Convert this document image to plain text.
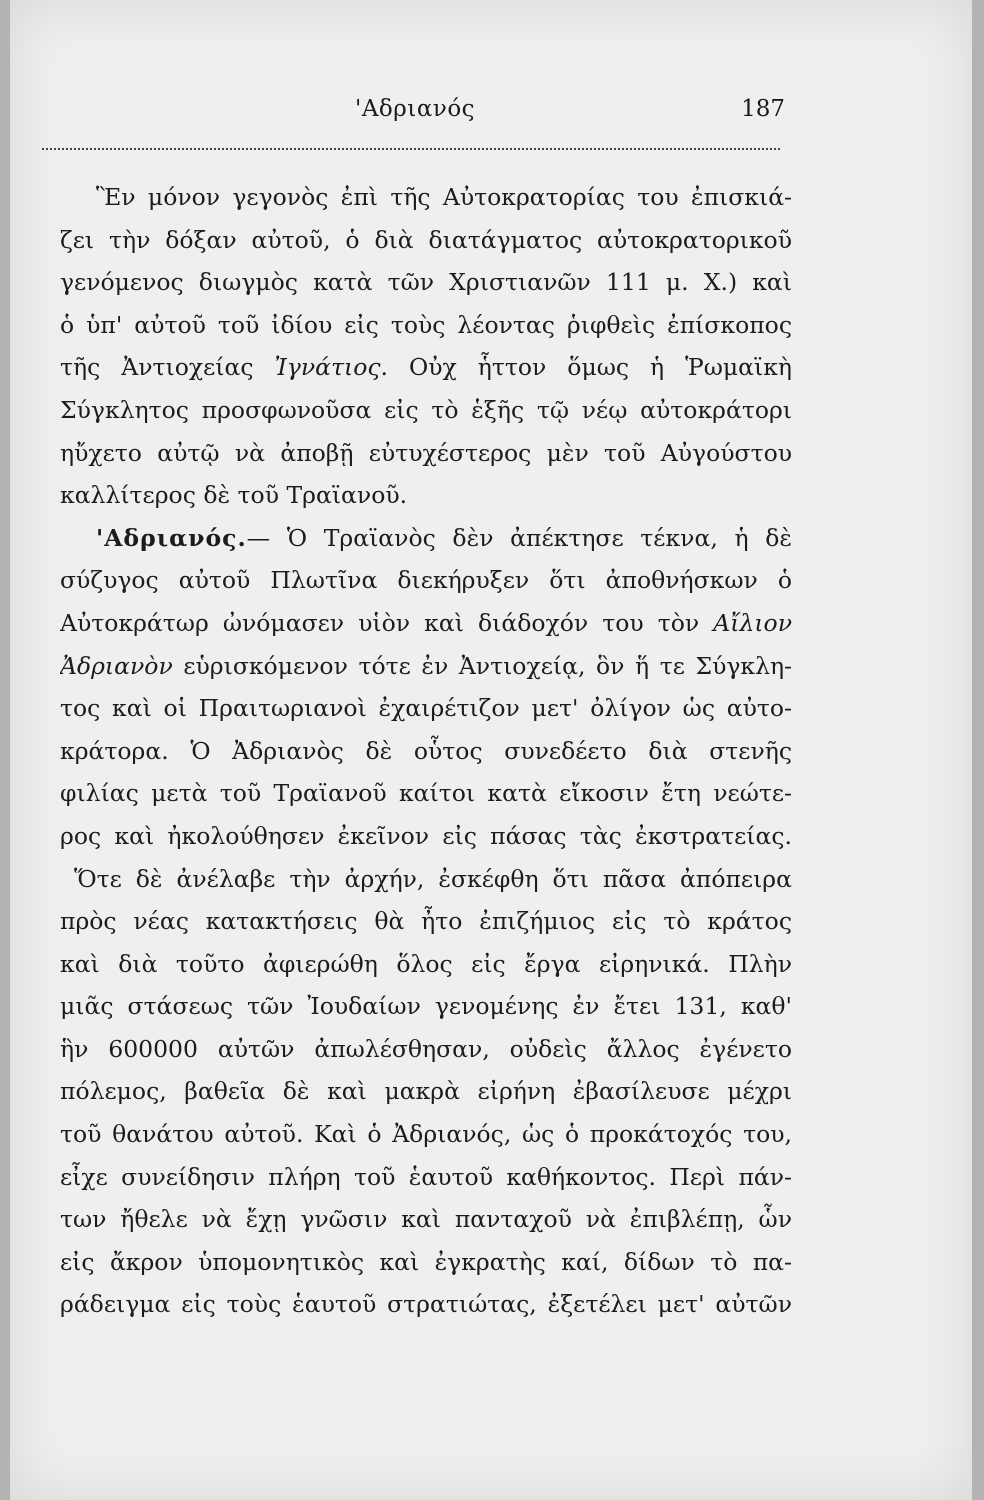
'Αδριανός	187
Ἓν μόνον γεγονὸς ἐπὶ τῆς Αὐτοκρατορίας του ἐπισκιά-
ζει τὴν δόξαν αὐτοῦ, ὁ διὰ διατάγματος αὐτοκρατορικοῦ
γενόμενος διωγμὸς κατὰ τῶν Χριστιανῶν 111 μ. Χ.) καὶ
ὁ ὑπ' αὐτοῦ τοῦ ἰδίου εἰς τοὺς λέοντας ῥιφθεὶς ἐπίσκοπος
τῆς Ἀντιοχείας Ἰγνάτιος. Οὐχ ἧττον ὅμως ἡ Ῥωμαϊκὴ
Σύγκλητος προσφωνοῦσα εἰς τὸ ἑξῆς τῷ νέῳ αὐτοκράτορι
ηὔχετο αὐτῷ νὰ ἀποβῇ εὐτυχέστερος μὲν τοῦ Αὐγούστου
καλλίτερος δὲ τοῦ Τραϊανοῦ.
'Αδριανός.— Ὁ Τραϊανὸς δὲν ἀπέκτησε τέκνα, ἡ δὲ
σύζυγος αὐτοῦ Πλωτῖνα διεκήρυξεν ὅτι ἀποθνήσκων ὁ
Αὐτοκράτωρ ὠνόμασεν υἱὸν καὶ διάδοχόν του τὸν Αἴλιον
Ἀδριανὸν εὑρισκόμενον τότε ἐν Ἀντιοχείᾳ, ὃν ἥ τε Σύγκλη-
τος καὶ οἱ Πραιτωριανοὶ ἐχαιρέτιζον μετ' ὀλίγον ὡς αὐτο-
κράτορα. Ὁ Ἀδριανὸς δὲ οὗτος συνεδέετο διὰ στενῆς
φιλίας μετὰ τοῦ Τραϊανοῦ καίτοι κατὰ εἴκοσιν ἔτη νεώτε-
ρος καὶ ἠκολούθησεν ἐκεῖνον εἰς πάσας τὰς ἐκστρατείας.
Ὅτε δὲ ἀνέλαβε τὴν ἀρχήν, ἐσκέφθη ὅτι πᾶσα ἀπόπειρα
πρὸς νέας κατακτήσεις θὰ ἦτο ἐπιζήμιος εἰς τὸ κράτος
καὶ διὰ τοῦτο ἀφιερώθη ὅλος εἰς ἔργα εἰρηνικά. Πλὴν
μιᾶς στάσεως τῶν Ἰουδαίων γενομένης ἐν ἔτει 131, καθ'
ἣν 600000 αὐτῶν ἀπωλέσθησαν, οὐδεὶς ἄλλος ἐγένετο
πόλεμος, βαθεῖα δὲ καὶ μακρὰ εἰρήνη ἐβασίλευσε μέχρι
τοῦ θανάτου αὐτοῦ. Καὶ ὁ Ἀδριανός, ὡς ὁ προκάτοχός του,
εἶχε συνείδησιν πλήρη τοῦ ἑαυτοῦ καθήκοντος. Περὶ πάν-
των ἤθελε νὰ ἔχῃ γνῶσιν καὶ πανταχοῦ νὰ ἐπιβλέπῃ, ὧν
εἰς ἄκρον ὑπομονητικὸς καὶ ἐγκρατὴς καί, δίδων τὸ πα-
ράδειγμα εἰς τοὺς ἑαυτοῦ στρατιώτας, ἐξετέλει μετ' αὐτῶν
